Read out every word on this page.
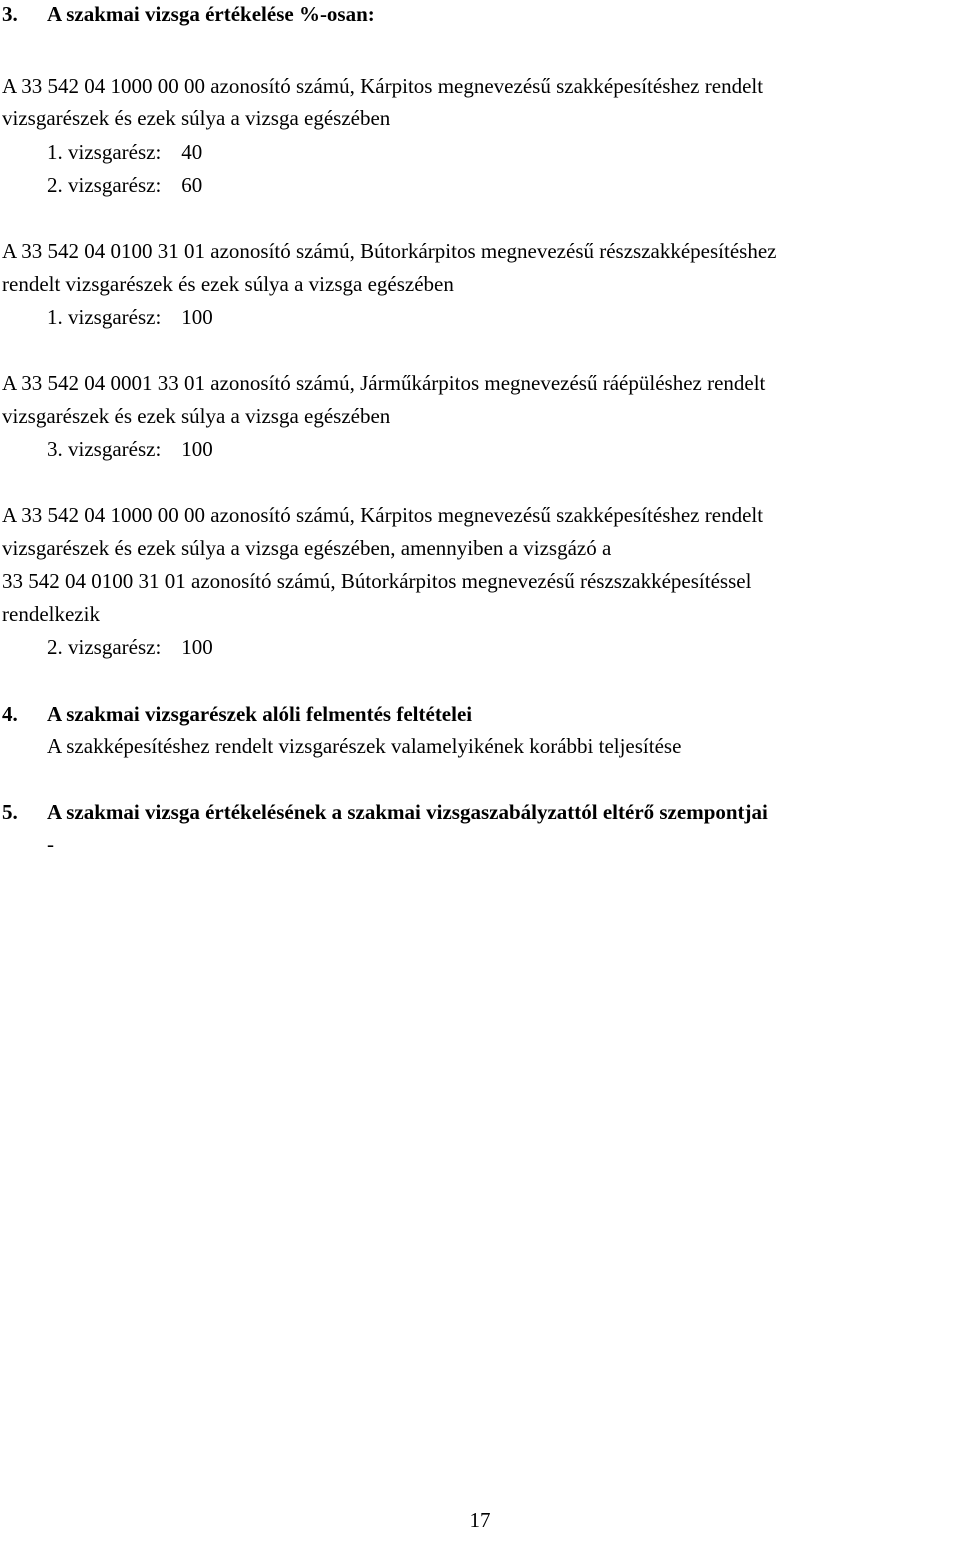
3. A szakmai vizsga értékelése %-osan:
A 33 542 04 1000 00 00 azonosító számú, Kárpitos megnevezésű szakképesítéshez rendelt
vizsgarészek és ezek súlya a vizsga egészében
1. vizsgarész: 40
2. vizsgarész: 60
A 33 542 04 0100 31 01 azonosító számú, Bútorkárpitos megnevezésű részszakképesítéshez
rendelt vizsgarészek és ezek súlya a vizsga egészében
1. vizsgarész: 100
A 33 542 04 0001 33 01 azonosító számú, Járműkárpitos megnevezésű ráépüléshez rendelt
vizsgarészek és ezek súlya a vizsga egészében
3. vizsgarész: 100
A 33 542 04 1000 00 00 azonosító számú, Kárpitos megnevezésű szakképesítéshez rendelt
vizsgarészek és ezek súlya a vizsga egészében, amennyiben a vizsgázó a
33 542 04 0100 31 01 azonosító számú, Bútorkárpitos megnevezésű részszakképesítéssel
rendelkezik
2. vizsgarész: 100
4. A szakmai vizsgarészek alóli felmentés feltételei
A szakképesítéshez rendelt vizsgarészek valamelyikének korábbi teljesítése
5. A szakmai vizsga értékelésének a szakmai vizsgaszabályzattól eltérő szempontjai
-
17
